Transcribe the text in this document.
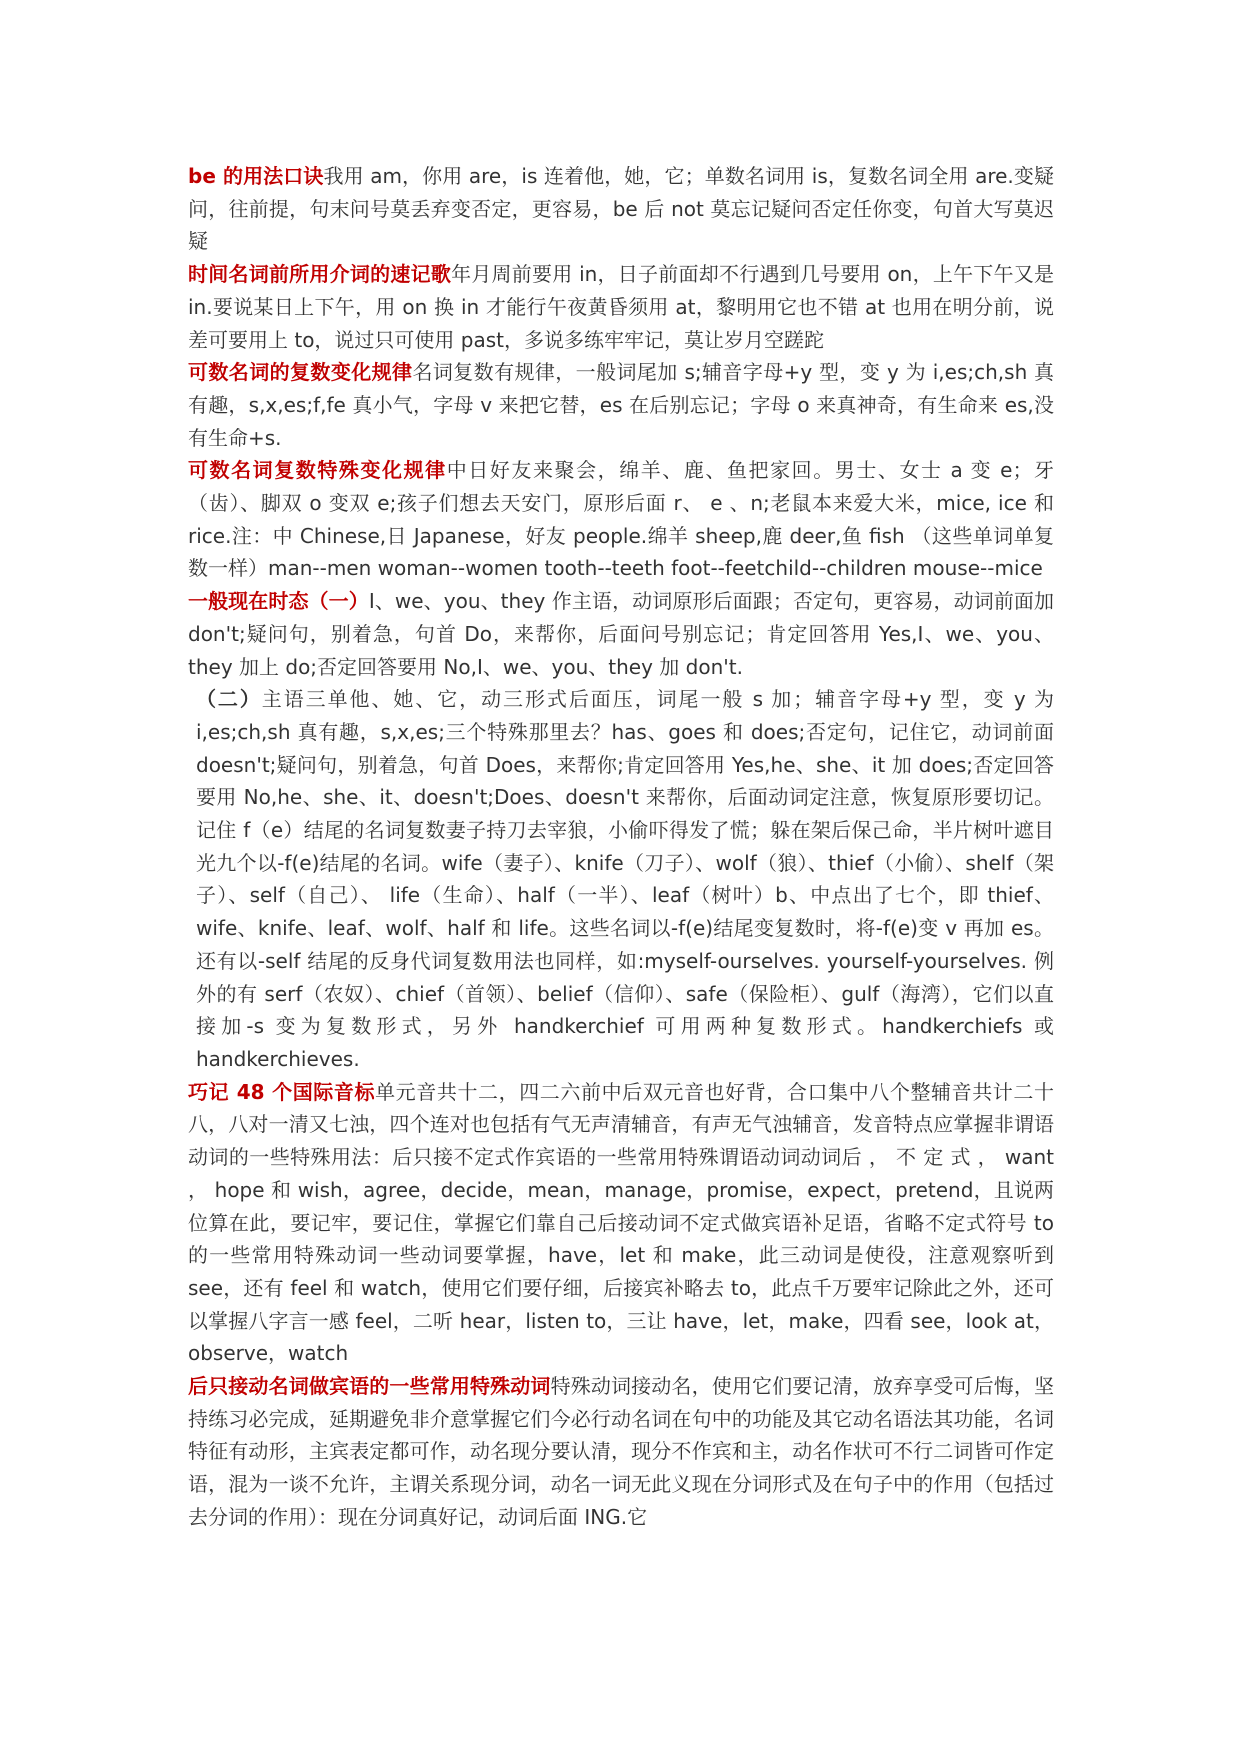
be 的用法口诀我用 am，你用 are，is 连着他，她，它；单数名词用 is，复数名词全用 are.变疑问，往前提，句末问号莫丢弃变否定，更容易，be 后 not 莫忘记疑问否定任你变，句首大写莫迟疑

时间名词前所用介词的速记歌年月周前要用 in，日子前面却不行遇到几号要用 on，上午下午又是 in.要说某日上下午，用 on 换 in 才能行午夜黄昏须用 at，黎明用它也不错 at 也用在明分前，说差可要用上 to，说过只可使用 past，多说多练牢牢记，莫让岁月空蹉跎

可数名词的复数变化规律名词复数有规律，一般词尾加 s;辅音字母+y 型，变 y 为 i,es;ch,sh 真有趣，s,x,es;f,fe 真小气，字母 v 来把它替，es 在后别忘记；字母 o 来真神奇，有生命来 es,没有生命+s.

可数名词复数特殊变化规律中日好友来聚会，绵羊、鹿、鱼把家回。男士、女士 a 变 e；牙（齿）、脚双 o 变双 e;孩子们想去天安门，原形后面 r、 e 、n;老鼠本来爱大米，mice, ice 和 rice.注：中 Chinese,日 Japanese，好友 people.绵羊 sheep,鹿 deer,鱼 fish （这些单词单复数一样）man--men woman--women tooth--teeth foot--feetchild--children mouse--mice

一般现在时态（一）I、we、you、they 作主语，动词原形后面跟；否定句，更容易，动词前面加 don't;疑问句，别着急，句首 Do，来帮你，后面问号别忘记；肯定回答用 Yes,I、we、you、they 加上 do;否定回答要用 No,I、we、you、they 加 don't.

（二）主语三单他、她、它，动三形式后面压，词尾一般 s 加；辅音字母+y 型，变 y 为 i,es;ch,sh 真有趣，s,x,es;三个特殊那里去？has、goes 和 does;否定句，记住它，动词前面 doesn't;疑问句，别着急，句首 Does，来帮你;肯定回答用 Yes,he、she、it 加 does;否定回答要用 No,he、she、it、doesn't;Does、doesn't 来帮你，后面动词定注意，恢复原形要切记。记住 f（e）结尾的名词复数妻子持刀去宰狼，小偷吓得发了慌；躲在架后保己命，半片树叶遮目光九个以-f(e)结尾的名词。wife（妻子）、knife（刀子）、wolf（狼）、thief（小偷）、shelf（架子）、self（自己）、 life（生命）、half（一半）、leaf（树叶）b、中点出了七个，即 thief、wife、knife、leaf、wolf、half 和 life。这些名词以-f(e)结尾变复数时，将-f(e)变 v 再加 es。还有以-self 结尾的反身代词复数用法也同样，如:myself-ourselves. yourself-yourselves. 例外的有 serf（农奴）、chief（首领）、belief（信仰）、safe（保险柜）、gulf（海湾），它们以直接加-s 变为复数形式，另外 handkerchief 可用两种复数形式。handkerchiefs 或 handkerchieves.

巧记 48 个国际音标单元音共十二，四二六前中后双元音也好背，合口集中八个整辅音共计二十八，八对一清又七浊，四个连对也包括有气无声清辅音，有声无气浊辅音，发音特点应掌握非谓语动词的一些特殊用法：后只接不定式作宾语的一些常用特殊谓语动词动词后 ， 不 定 式 ， want ， hope 和 wish，agree，decide，mean，manage，promise，expect，pretend，且说两位算在此，要记牢，要记住，掌握它们靠自己后接动词不定式做宾语补足语，省略不定式符号 to 的一些常用特殊动词一些动词要掌握，have，let 和 make，此三动词是使役，注意观察听到 see，还有 feel 和 watch，使用它们要仔细，后接宾补略去 to，此点千万要牢记除此之外，还可以掌握八字言一感 feel，二听 hear，listen to，三让 have，let，make，四看 see，look at，observe，watch

后只接动名词做宾语的一些常用特殊动词特殊动词接动名，使用它们要记清，放弃享受可后悔，坚持练习必完成，延期避免非介意掌握它们今必行动名词在句中的功能及其它动名语法其功能，名词特征有动形，主宾表定都可作，动名现分要认清，现分不作宾和主，动名作状可不行二词皆可作定语，混为一谈不允许，主谓关系现分词，动名一词无此义现在分词形式及在句子中的作用（包括过去分词的作用）：现在分词真好记，动词后面 ING.它
